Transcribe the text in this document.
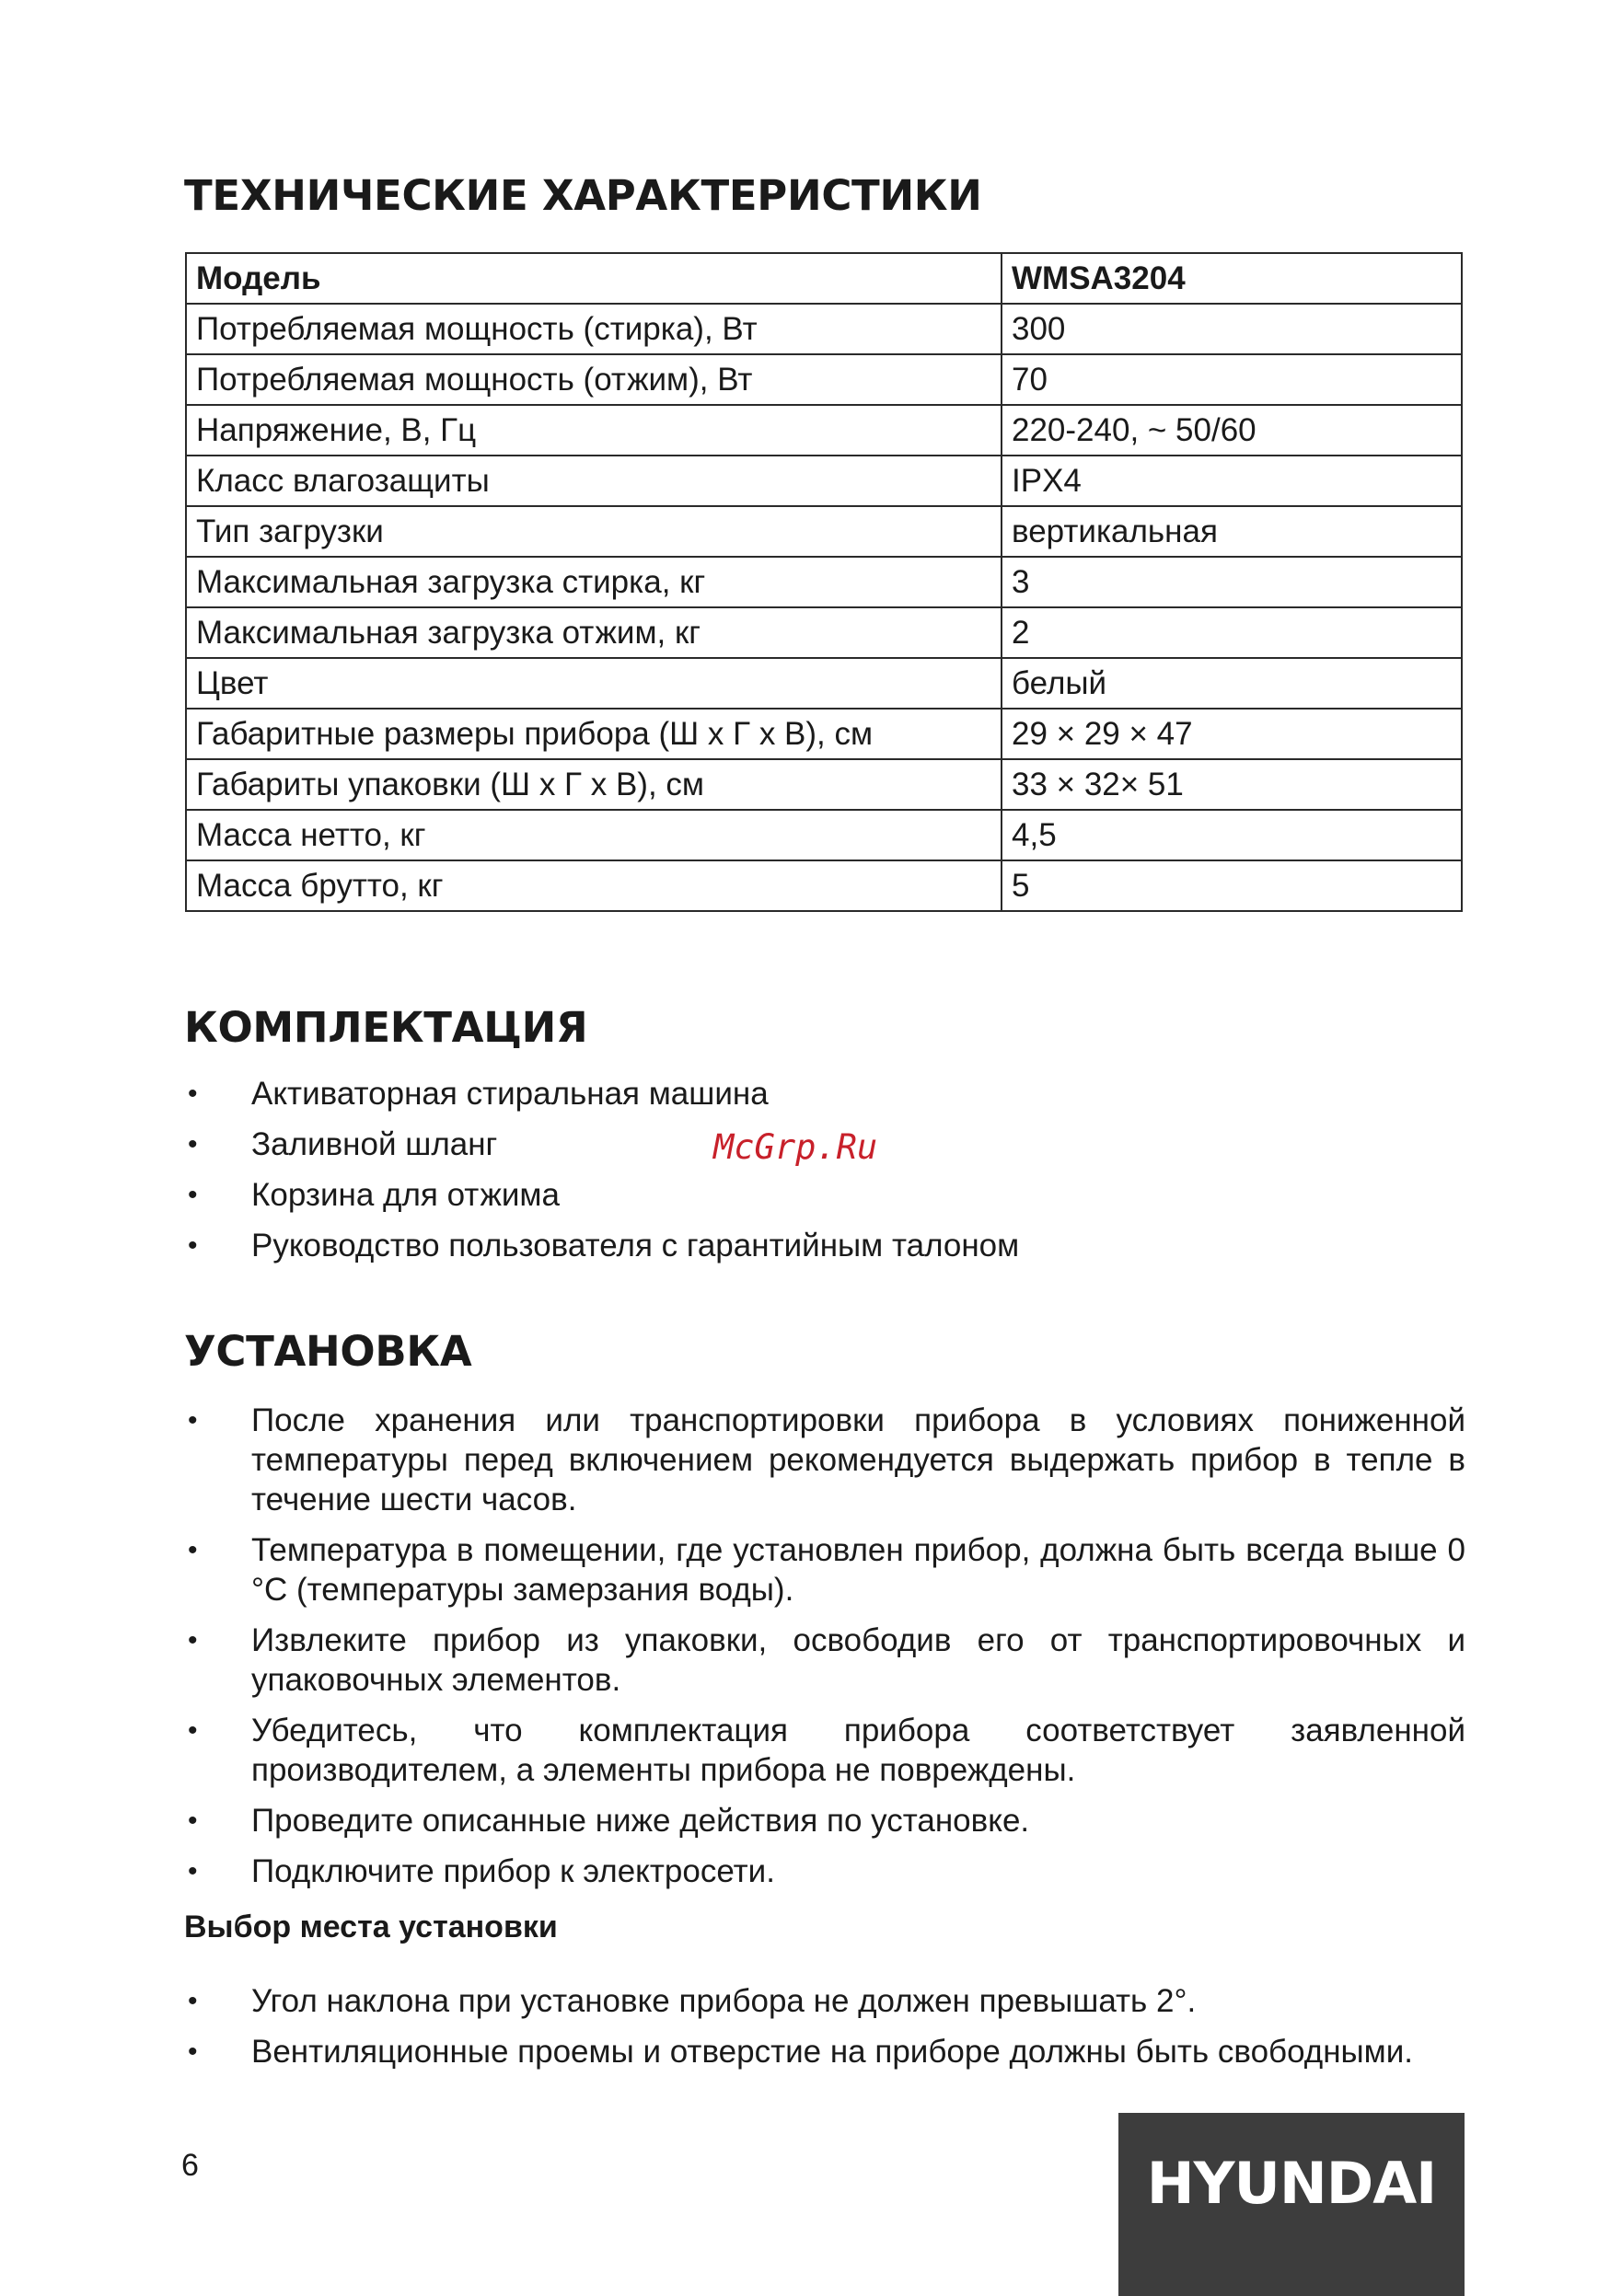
ТЕХНИЧЕСКИЕ ХАРАКТЕРИСТИКИ
Модель	WMSA3204
Потребляемая мощность (стирка), Вт	300
Потребляемая мощность (отжим), Вт	70
Напряжение, В, Гц	220-240, ~ 50/60
Класс влагозащиты	IPX4
Тип загрузки	вертикальная
Максимальная загрузка стирка, кг	3
Максимальная загрузка отжим, кг	2
Цвет	белый
Габаритные размеры прибора (Ш x Г x В), см	29 × 29 × 47
Габариты упаковки (Ш x Г x В), см	33 × 32× 51
Масса нетто, кг	4,5
Масса брутто, кг	5
КОМПЛЕКТАЦИЯ
• Активаторная стиральная машина
• Заливной шланг
• Корзина для отжима
• Руководство пользователя с гарантийным талоном
McGrp.Ru
УСТАНОВКА
• После хранения или транспортировки прибора в условиях пониженной температуры перед включением рекомендуется выдержать прибор в тепле в течение шести часов.
• Температура в помещении, где установлен прибор, должна быть всегда выше 0 °C (температуры замерзания воды).
• Извлеките прибор из упаковки, освободив его от транспортировочных и упаковочных элементов.
• Убедитесь, что комплектация прибора соответствует заявленной производителем, а элементы прибора не повреждены.
• Проведите описанные ниже действия по установке.
• Подключите прибор к электросети.
Выбор места установки
• Угол наклона при установке прибора не должен превышать 2°.
• Вентиляционные проемы и отверстие на приборе должны быть свободными.
6	HYUNDAI
